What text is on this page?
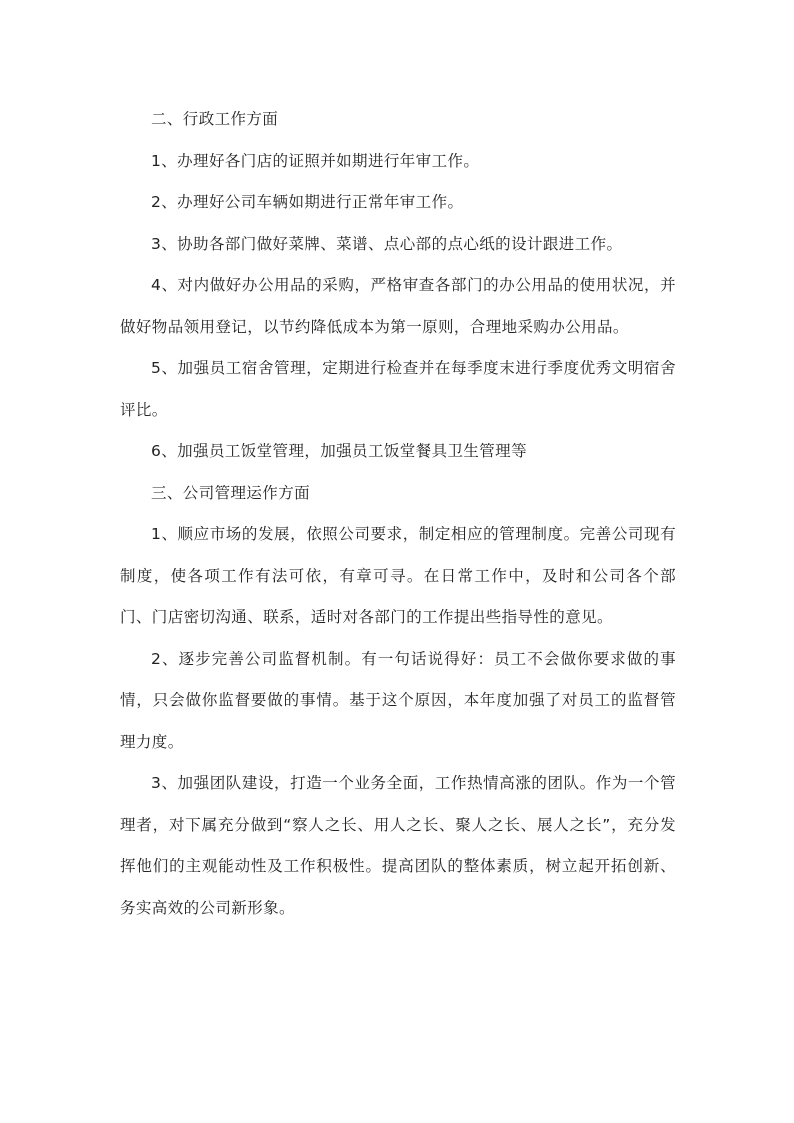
二、行政工作方面

1、办理好各门店的证照并如期进行年审工作。

2、办理好公司车辆如期进行正常年审工作。

3、协助各部门做好菜牌、菜谱、点心部的点心纸的设计跟进工作。

4、对内做好办公用品的采购，严格审查各部门的办公用品的使用状况，并做好物品领用登记，以节约降低成本为第一原则，合理地采购办公用品。

5、加强员工宿舍管理，定期进行检查并在每季度末进行季度优秀文明宿舍评比。

6、加强员工饭堂管理，加强员工饭堂餐具卫生管理等

三、公司管理运作方面

1、顺应市场的发展，依照公司要求，制定相应的管理制度。完善公司现有制度，使各项工作有法可依，有章可寻。在日常工作中，及时和公司各个部门、门店密切沟通、联系，适时对各部门的工作提出些指导性的意见。

2、逐步完善公司监督机制。有一句话说得好：员工不会做你要求做的事情，只会做你监督要做的事情。基于这个原因，本年度加强了对员工的监督管理力度。

3、加强团队建设，打造一个业务全面，工作热情高涨的团队。作为一个管理者，对下属充分做到“察人之长、用人之长、聚人之长、展人之长”，充分发挥他们的主观能动性及工作积极性。提高团队的整体素质，树立起开拓创新、务实高效的公司新形象。
